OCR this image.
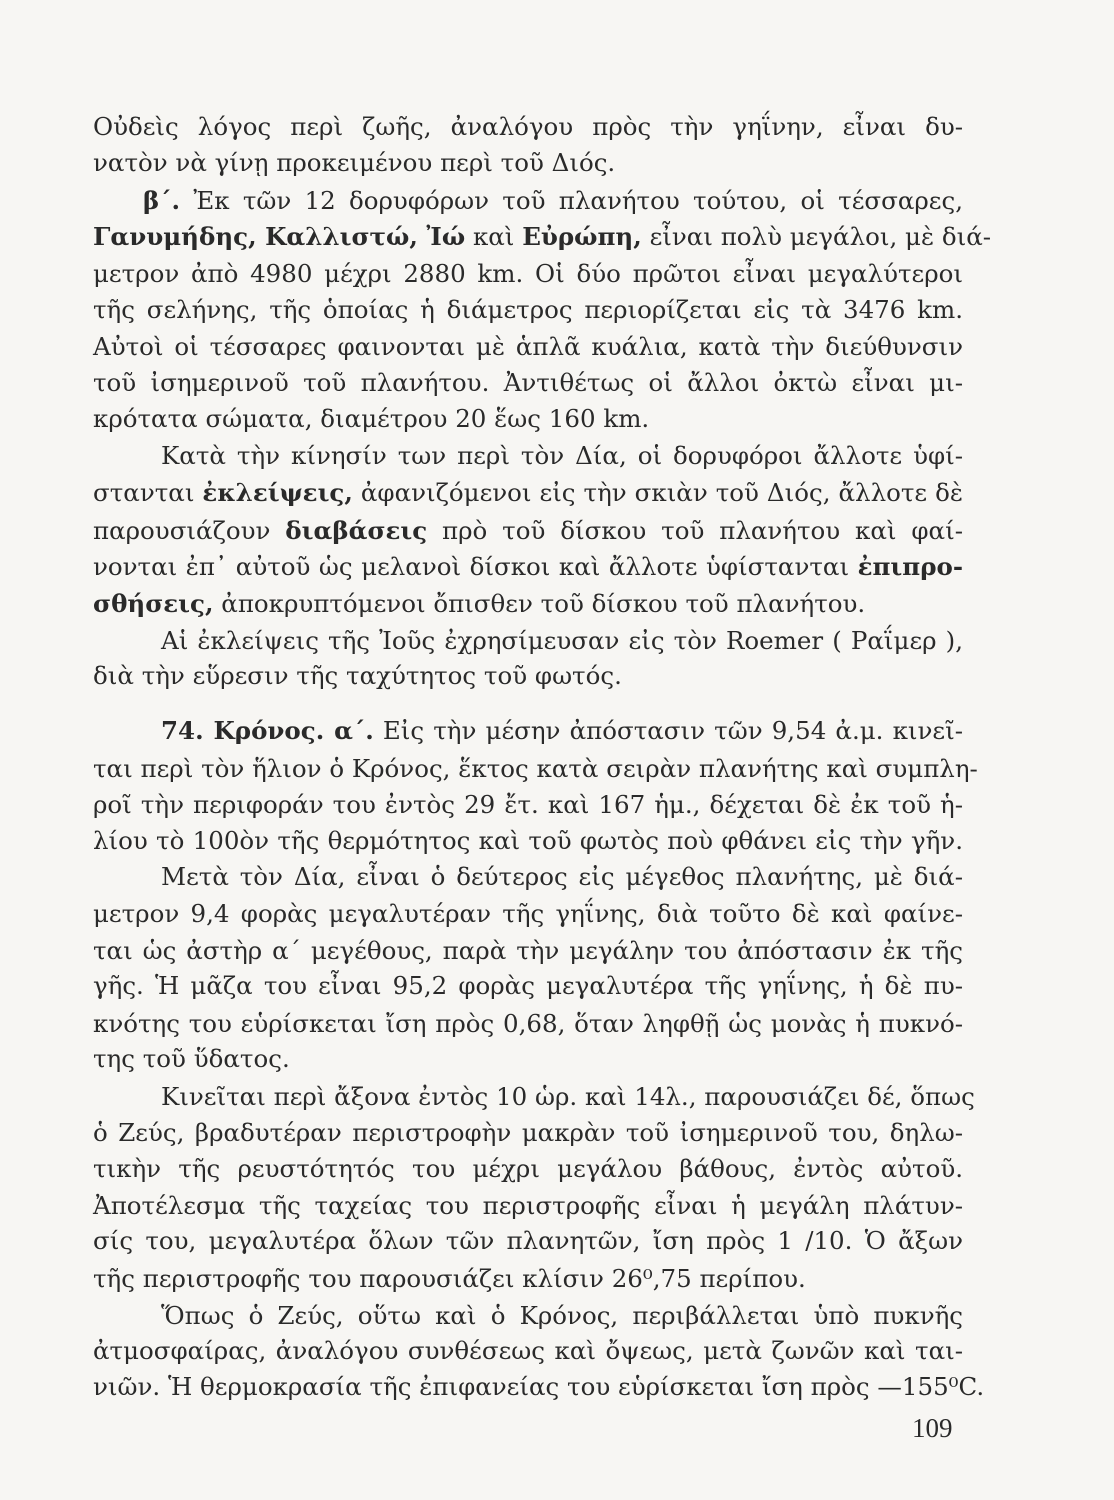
Οὐδεὶς λόγος περὶ ζωῆς, ἀναλόγου πρὸς τὴν γηΐνην, εἶναι δυ-
νατὸν νὰ γίνῃ προκειμένου περὶ τοῦ Διός.
β΄. Ἐκ τῶν 12 δορυφόρων τοῦ πλανήτου τούτου, οἱ τέσσαρες,
Γανυμήδης, Καλλιστώ, Ἰώ καὶ Εὐρώπη, εἶναι πολὺ μεγάλοι, μὲ διά-
μετρον ἀπὸ 4980 μέχρι 2880 km. Οἱ δύο πρῶτοι εἶναι μεγαλύτεροι
τῆς σελήνης, τῆς ὁποίας ἡ διάμετρος περιορίζεται εἰς τὰ 3476 km.
Αὐτοὶ οἱ τέσσαρες φαινονται μὲ ἁπλᾶ κυάλια, κατὰ τὴν διεύθυνσιν
τοῦ ἰσημερινοῦ τοῦ πλανήτου. Ἀντιθέτως οἱ ἄλλοι ὀκτὼ εἶναι μι-
κρότατα σώματα, διαμέτρου 20 ἕως 160 km.
Κατὰ τὴν κίνησίν των περὶ τὸν Δία, οἱ δορυφόροι ἄλλοτε ὑφί-
στανται ἐκλείψεις, ἀφανιζόμενοι εἰς τὴν σκιὰν τοῦ Διός, ἄλλοτε δὲ
παρουσιάζουν διαβάσεις πρὸ τοῦ δίσκου τοῦ πλανήτου καὶ φαί-
νονται ἐπ᾿ αὐτοῦ ὡς μελανοὶ δίσκοι καὶ ἄλλοτε ὑφίστανται ἐπιπρο-
σθήσεις, ἀποκρυπτόμενοι ὄπισθεν τοῦ δίσκου τοῦ πλανήτου.
Αἱ ἐκλείψεις τῆς Ἰοῦς ἐχρησίμευσαν εἰς τὸν Roemer ( Ραΐμερ ),
διὰ τὴν εὕρεσιν τῆς ταχύτητος τοῦ φωτός.
74. Κρόνος. α΄. Εἰς τὴν μέσην ἀπόστασιν τῶν 9,54 ἀ.μ. κινεῖ-
ται περὶ τὸν ἥλιον ὁ Κρόνος, ἕκτος κατὰ σειρὰν πλανήτης καὶ συμπλη-
ροῖ τὴν περιφοράν του ἐντὸς 29 ἔτ. καὶ 167 ἡμ., δέχεται δὲ ἐκ τοῦ ἡ-
λίου τὸ 100ὸν τῆς θερμότητος καὶ τοῦ φωτὸς ποὺ φθάνει εἰς τὴν γῆν.
Μετὰ τὸν Δία, εἶναι ὁ δεύτερος εἰς μέγεθος πλανήτης, μὲ διά-
μετρον 9,4 φορὰς μεγαλυτέραν τῆς γηΐνης, διὰ τοῦτο δὲ καὶ φαίνε-
ται ὡς ἀστὴρ α΄ μεγέθους, παρὰ τὴν μεγάλην του ἀπόστασιν ἐκ τῆς
γῆς. Ἡ μᾶζα του εἶναι 95,2 φορὰς μεγαλυτέρα τῆς γηΐνης, ἡ δὲ πυ-
κνότης του εὑρίσκεται ἴση πρὸς 0,68, ὅταν ληφθῇ ὡς μονὰς ἡ πυκνό-
της τοῦ ὕδατος.
Κινεῖται περὶ ἄξονα ἐντὸς 10 ὡρ. καὶ 14λ., παρουσιάζει δέ, ὅπως
ὁ Ζεύς, βραδυτέραν περιστροφὴν μακρὰν τοῦ ἰσημερινοῦ του, δηλω-
τικὴν τῆς ρευστότητός του μέχρι μεγάλου βάθους, ἐντὸς αὐτοῦ.
Ἀποτέλεσμα τῆς ταχείας του περιστροφῆς εἶναι ἡ μεγάλη πλάτυν-
σίς του, μεγαλυτέρα ὅλων τῶν πλανητῶν, ἴση πρὸς 1 /10. Ὁ ἄξων
τῆς περιστροφῆς του παρουσιάζει κλίσιν 26⁰,75 περίπου.
Ὅπως ὁ Ζεύς, οὕτω καὶ ὁ Κρόνος, περιβάλλεται ὑπὸ πυκνῆς
ἀτμοσφαίρας, ἀναλόγου συνθέσεως καὶ ὄψεως, μετὰ ζωνῶν καὶ ται-
νιῶν. Ἡ θερμοκρασία τῆς ἐπιφανείας του εὑρίσκεται ἴση πρὸς —155⁰C.
109
